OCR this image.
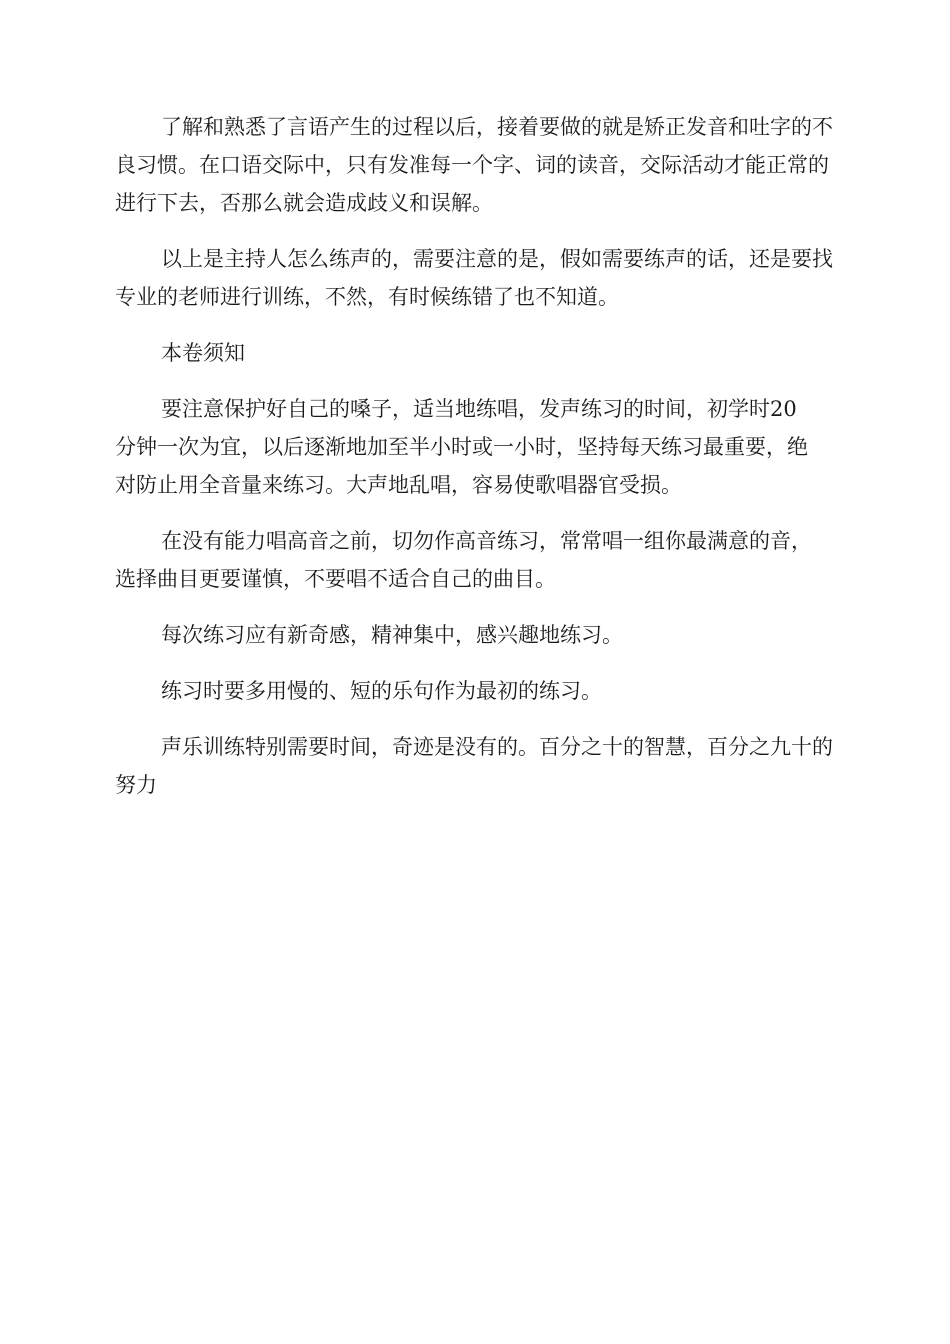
了解和熟悉了言语产生的过程以后，接着要做的就是矫正发音和吐字的不良习惯。在口语交际中，只有发准每一个字、词的读音，交际活动才能正常的进行下去，否那么就会造成歧义和误解。

以上是主持人怎么练声的，需要注意的是，假如需要练声的话，还是要找专业的老师进行训练，不然，有时候练错了也不知道。

本卷须知

要注意保护好自己的嗓子，适当地练唱，发声练习的时间，初学时20分钟一次为宜，以后逐渐地加至半小时或一小时，坚持每天练习最重要，绝对防止用全音量来练习。大声地乱唱，容易使歌唱器官受损。

在没有能力唱高音之前，切勿作高音练习，常常唱一组你最满意的音，选择曲目更要谨慎，不要唱不适合自己的曲目。

每次练习应有新奇感，精神集中，感兴趣地练习。

练习时要多用慢的、短的乐句作为最初的练习。

声乐训练特别需要时间，奇迹是没有的。百分之十的智慧，百分之九十的努力
